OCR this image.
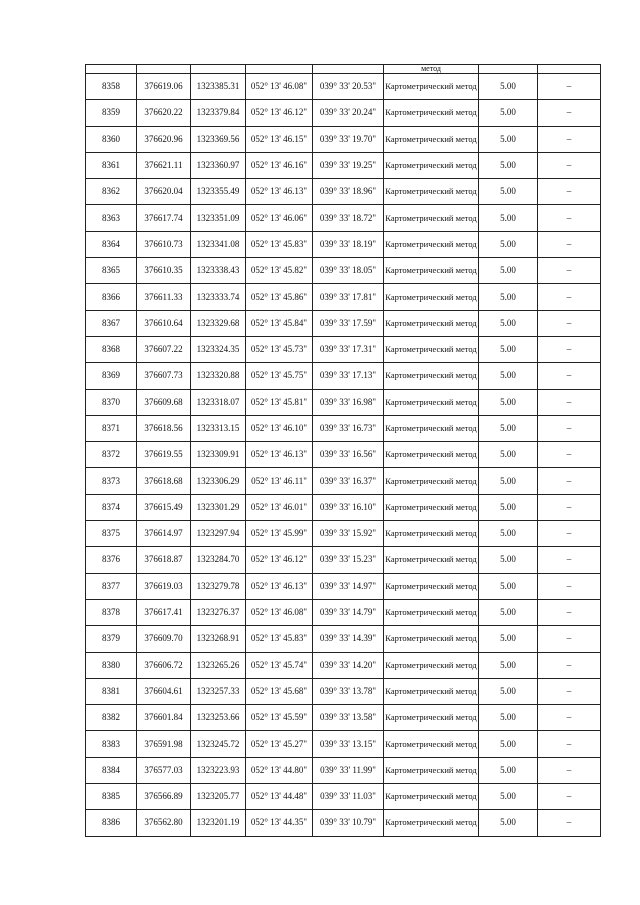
					метод		
8358	376619.06	1323385.31	052° 13' 46.08"	039° 33' 20.53"	Картометрический метод	5.00	–
8359	376620.22	1323379.84	052° 13' 46.12"	039° 33' 20.24"	Картометрический метод	5.00	–
8360	376620.96	1323369.56	052° 13' 46.15"	039° 33' 19.70"	Картометрический метод	5.00	–
8361	376621.11	1323360.97	052° 13' 46.16"	039° 33' 19.25"	Картометрический метод	5.00	–
8362	376620.04	1323355.49	052° 13' 46.13"	039° 33' 18.96"	Картометрический метод	5.00	–
8363	376617.74	1323351.09	052° 13' 46.06"	039° 33' 18.72"	Картометрический метод	5.00	–
8364	376610.73	1323341.08	052° 13' 45.83"	039° 33' 18.19"	Картометрический метод	5.00	–
8365	376610.35	1323338.43	052° 13' 45.82"	039° 33' 18.05"	Картометрический метод	5.00	–
8366	376611.33	1323333.74	052° 13' 45.86"	039° 33' 17.81"	Картометрический метод	5.00	–
8367	376610.64	1323329.68	052° 13' 45.84"	039° 33' 17.59"	Картометрический метод	5.00	–
8368	376607.22	1323324.35	052° 13' 45.73"	039° 33' 17.31"	Картометрический метод	5.00	–
8369	376607.73	1323320.88	052° 13' 45.75"	039° 33' 17.13"	Картометрический метод	5.00	–
8370	376609.68	1323318.07	052° 13' 45.81"	039° 33' 16.98"	Картометрический метод	5.00	–
8371	376618.56	1323313.15	052° 13' 46.10"	039° 33' 16.73"	Картометрический метод	5.00	–
8372	376619.55	1323309.91	052° 13' 46.13"	039° 33' 16.56"	Картометрический метод	5.00	–
8373	376618.68	1323306.29	052° 13' 46.11"	039° 33' 16.37"	Картометрический метод	5.00	–
8374	376615.49	1323301.29	052° 13' 46.01"	039° 33' 16.10"	Картометрический метод	5.00	–
8375	376614.97	1323297.94	052° 13' 45.99"	039° 33' 15.92"	Картометрический метод	5.00	–
8376	376618.87	1323284.70	052° 13' 46.12"	039° 33' 15.23"	Картометрический метод	5.00	–
8377	376619.03	1323279.78	052° 13' 46.13"	039° 33' 14.97"	Картометрический метод	5.00	–
8378	376617.41	1323276.37	052° 13' 46.08"	039° 33' 14.79"	Картометрический метод	5.00	–
8379	376609.70	1323268.91	052° 13' 45.83"	039° 33' 14.39"	Картометрический метод	5.00	–
8380	376606.72	1323265.26	052° 13' 45.74"	039° 33' 14.20"	Картометрический метод	5.00	–
8381	376604.61	1323257.33	052° 13' 45.68"	039° 33' 13.78"	Картометрический метод	5.00	–
8382	376601.84	1323253.66	052° 13' 45.59"	039° 33' 13.58"	Картометрический метод	5.00	–
8383	376591.98	1323245.72	052° 13' 45.27"	039° 33' 13.15"	Картометрический метод	5.00	–
8384	376577.03	1323223.93	052° 13' 44.80"	039° 33' 11.99"	Картометрический метод	5.00	–
8385	376566.89	1323205.77	052° 13' 44.48"	039° 33' 11.03"	Картометрический метод	5.00	–
8386	376562.80	1323201.19	052° 13' 44.35"	039° 33' 10.79"	Картометрический метод	5.00	–
